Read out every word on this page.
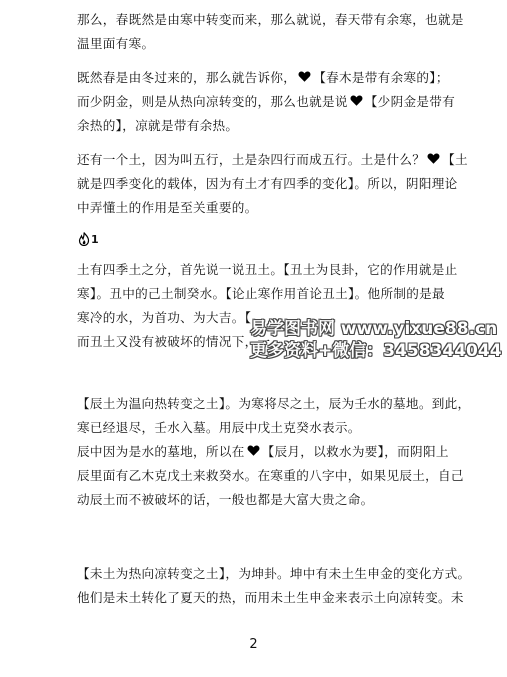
那么，春既然是由寒中转变而来，那么就说，春天带有余寒，也就是
温里面有寒。

既然春是由冬过来的，那么就告诉你， 【春木是带有余寒的】；
而少阴金，则是从热向凉转变的，那么也就是说 【少阴金是带有
余热的】，凉就是带有余热。

还有一个土，因为叫五行，土是杂四行而成五行。土是什么？ 【土
就是四季变化的载体，因为有土才有四季的变化】。所以，阴阳理论
中弄懂土的作用是至关重要的。

1

土有四季土之分，首先说一说丑土。【丑土为艮卦，它的作用就是止
寒】。丑中的己土制癸水。【论止寒作用首论丑土】。他所制的是最
寒冷的水，为首功、为大吉。【
而丑土又没有被破坏的情况下，一

易学图书网 www.yixue88.cn
更多资料+微信：3458344044

【辰土为温向热转变之土】。为寒将尽之土，辰为壬水的墓地。到此，
寒已经退尽，壬水入墓。用辰中戊土克癸水表示。
辰中因为是水的墓地，所以在 【辰月，以救水为要】，而阴阳上
辰里面有乙木克戊土来救癸水。在寒重的八字中，如果见辰土，自己
动辰土而不被破坏的话，一般也都是大富大贵之命。

【未土为热向凉转变之土】，为坤卦。坤中有未土生申金的变化方式。
他们是未土转化了夏天的热，而用未土生申金来表示土向凉转变。未

2
